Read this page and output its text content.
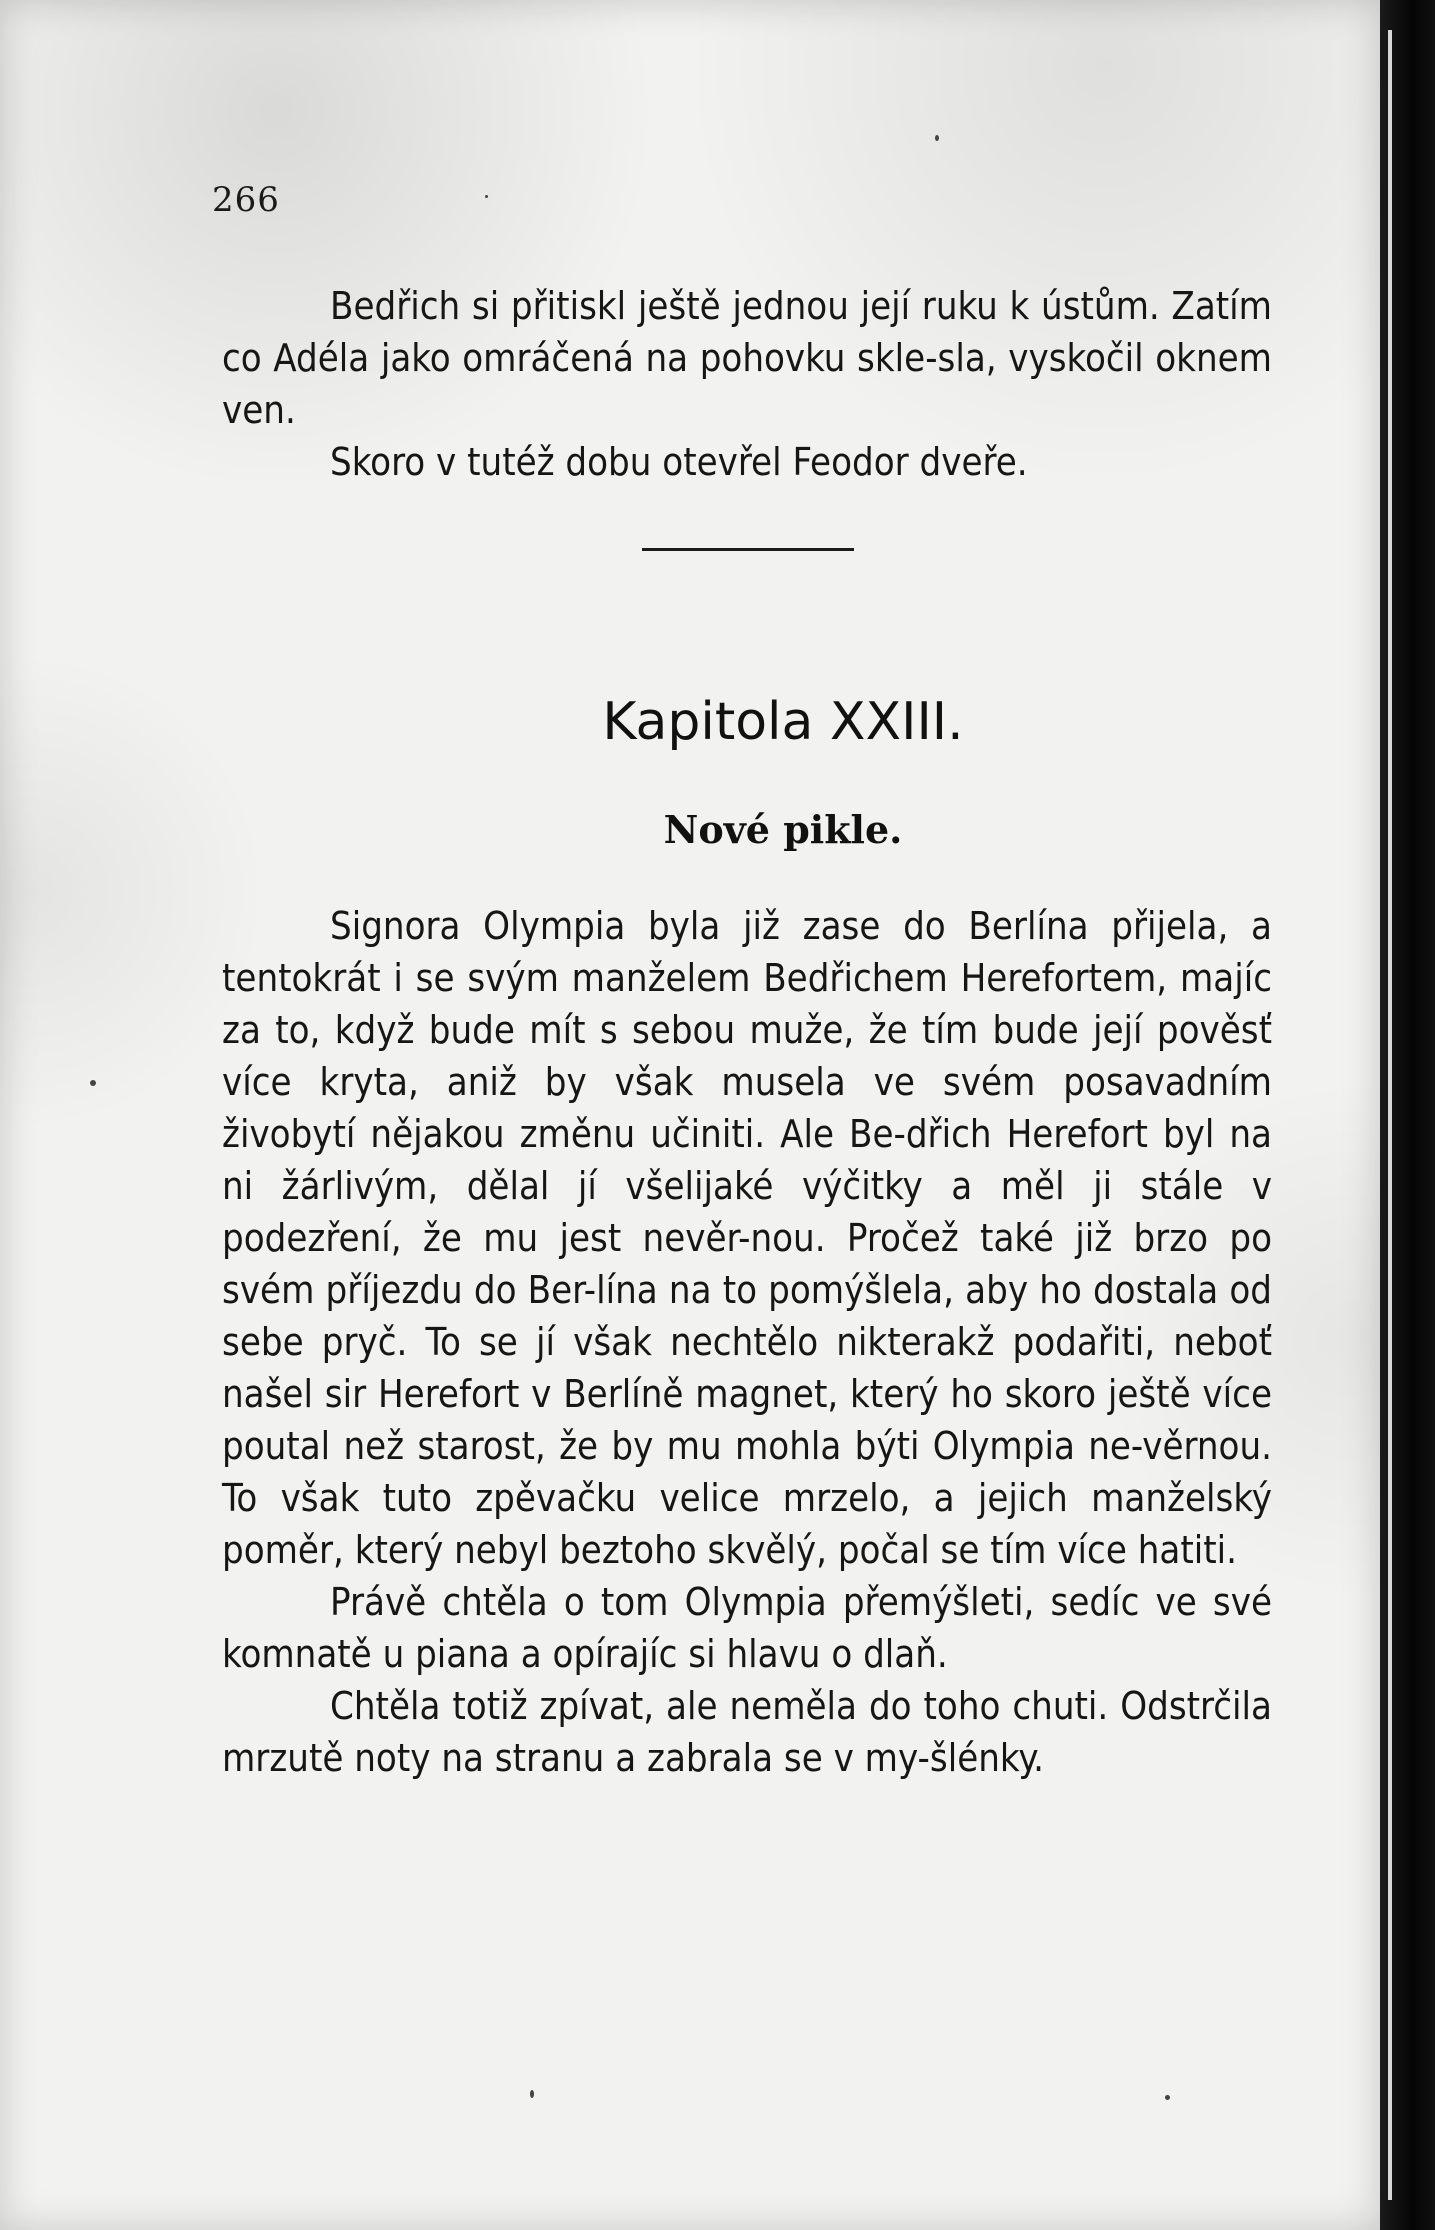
266

Bedřich si přitiskl ještě jednou její ruku k ústům. Zatím co Adéla jako omráčená na pohovku skle-sla, vyskočil oknem ven.

Skoro v tutéž dobu otevřel Feodor dveře.

Kapitola XXIII.
Nové pikle.

Signora Olympia byla již zase do Berlína přijela, a tentokrát i se svým manželem Bedřichem Herefortem, majíc za to, když bude mít s sebou muže, že tím bude její pověsť více kryta, aniž by však musela ve svém posavadním živobytí nějakou změnu učiniti. Ale Be-dřich Herefort byl na ni žárlivým, dělal jí všelijaké výčitky a měl ji stále v podezření, že mu jest nevěr-nou. Pročež také již brzo po svém příjezdu do Ber-lína na to pomýšlela, aby ho dostala od sebe pryč. To se jí však nechtělo nikterakž podařiti, neboť našel sir Herefort v Berlíně magnet, který ho skoro ještě více poutal než starost, že by mu mohla býti Olympia ne-věrnou. To však tuto zpěvačku velice mrzelo, a jejich manželský poměr, který nebyl beztoho skvělý, počal se tím více hatiti.

Právě chtěla o tom Olympia přemýšleti, sedíc ve své komnatě u piana a opírajíc si hlavu o dlaň.

Chtěla totiž zpívat, ale neměla do toho chuti. Odstrčila mrzutě noty na stranu a zabrala se v my-šlénky.
